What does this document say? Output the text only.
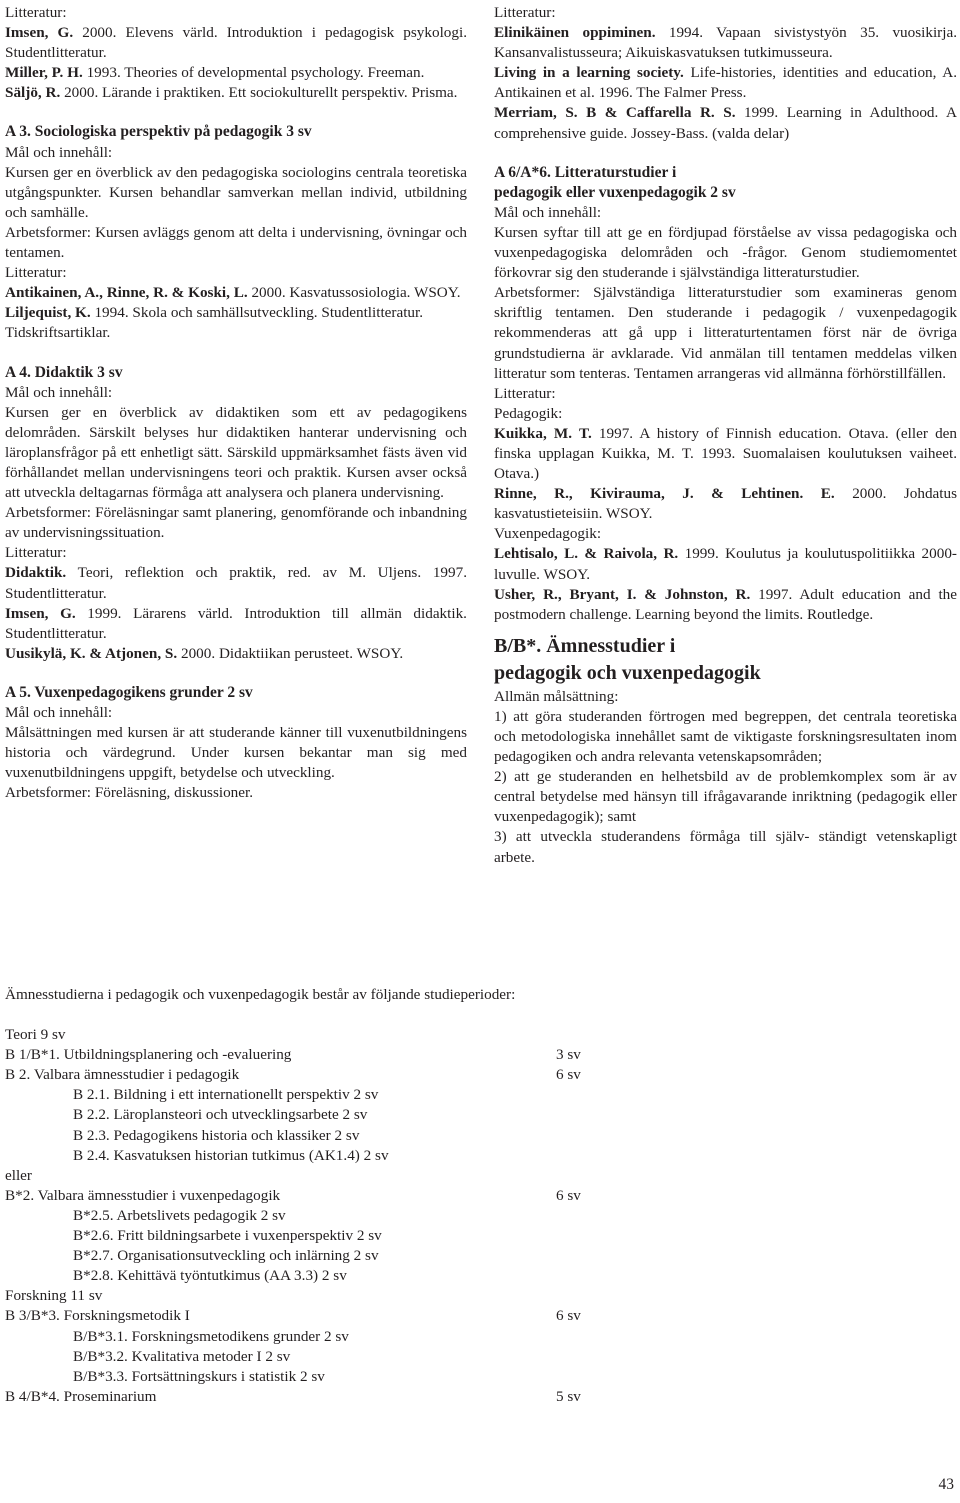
Litteratur:

Imsen, G. 2000. Elevens värld. Introduktion i pedagogisk psykologi. Studentlitteratur.

Miller, P. H. 1993. Theories of developmental psychology. Freeman.

Säljö, R. 2000. Lärande i praktiken. Ett sociokulturellt perspektiv. Prisma.

A 3. Sociologiska perspektiv på pedagogik 3 sv

Mål och innehåll:

Kursen ger en överblick av den pedagogiska sociologins centrala teoretiska utgångspunkter. Kursen behandlar samverkan mellan individ, utbildning och samhälle.

Arbetsformer: Kursen avläggs genom att delta i undervisning, övningar och tentamen.

Litteratur:

Antikainen, A., Rinne, R. & Koski, L. 2000. Kasvatussosiologia. WSOY.

Liljequist, K. 1994. Skola och samhällsutveckling. Studentlitteratur.

Tidskriftsartiklar.

A 4. Didaktik 3 sv

Mål och innehåll:

Kursen ger en överblick av didaktiken som ett av pedagogikens delområden. Särskilt belyses hur didaktiken hanterar undervisning och läroplansfrågor på ett enhetligt sätt. Särskild uppmärksamhet fästs även vid förhållandet mellan undervisningens teori och praktik. Kursen avser också att utveckla deltagarnas förmåga att analysera och planera undervisning.

Arbetsformer: Föreläsningar samt planering, genomförande och inbandning av undervisningssituation.

Litteratur:

Didaktik. Teori, reflektion och praktik, red. av M. Uljens. 1997. Studentlitteratur.

Imsen, G. 1999. Lärarens värld. Introduktion till allmän didaktik. Studentlitteratur.

Uusikylä, K. & Atjonen, S. 2000. Didaktiikan perusteet. WSOY.

A 5. Vuxenpedagogikens grunder 2 sv

Mål och innehåll:

Målsättningen med kursen är att studerande känner till vuxenutbildningens historia och värdegrund. Under kursen bekantar man sig med vuxenutbildningens uppgift, betydelse och utveckling.

Arbetsformer: Föreläsning, diskussioner.

Litteratur:

Elinikäinen oppiminen. 1994. Vapaan sivistystyön 35. vuosikirja. Kansanvalistusseura; Aikuiskasvatuksen tutkimusseura.

Living in a learning society. Life-histories, identities and education, A. Antikainen et al. 1996. The Falmer Press.

Merriam, S. B & Caffarella R. S. 1999. Learning in Adulthood. A comprehensive guide. Jossey-Bass. (valda delar)

A 6/A*6. Litteraturstudier i

pedagogik eller vuxenpedagogik 2 sv

Mål och innehåll:

Kursen syftar till att ge en fördjupad förståelse av vissa pedagogiska och vuxenpedagogiska delområden och -frågor. Genom studiemomentet förkovrar sig den studerande i självständiga litteraturstudier.

Arbetsformer: Självständiga litteraturstudier som examineras genom skriftlig tentamen. Den studerande i pedagogik / vuxenpedagogik rekommenderas att gå upp i litteraturtentamen först när de övriga grundstudierna är avklarade. Vid anmälan till tentamen meddelas vilken litteratur som tenteras. Tentamen arrangeras vid allmänna förhörstillfällen.

Litteratur:

Pedagogik:

Kuikka, M. T. 1997. A history of Finnish education. Otava. (eller den finska upplagan Kuikka, M. T. 1993. Suomalaisen koulutuksen vaiheet. Otava.)

Rinne, R., Kivirauma, J. & Lehtinen. E. 2000. Johdatus kasvatustieteisiin. WSOY.

Vuxenpedagogik:

Lehtisalo, L. & Raivola, R. 1999. Koulutus ja koulutuspolitiikka 2000-luvulle. WSOY.

Usher, R., Bryant, I. & Johnston, R. 1997. Adult education and the postmodern challenge. Learning beyond the limits. Routledge.

B/B*. Ämnesstudier i

pedagogik och vuxenpedagogik

Allmän målsättning:

1) att göra studeranden förtrogen med begreppen, det centrala teoretiska och metodologiska innehållet samt de viktigaste forskningsresultaten inom pedagogiken och andra relevanta vetenskapsområden;

2) att ge studeranden en helhetsbild av de problemkomplex som är av central betydelse med hänsyn till ifrågavarande inriktning (pedagogik eller vuxenpedagogik); samt

3) att utveckla studerandens förmåga till själv- ständigt vetenskapligt arbete.

Ämnesstudierna i pedagogik och vuxenpedagogik består av följande studieperioder:

Teori 9 sv
B 1/B*1. Utbildningsplanering och -evaluering	3 sv
B 2. Valbara ämnesstudier i pedagogik	6 sv
B 2.1. Bildning i ett internationellt perspektiv 2 sv
B 2.2. Läroplansteori och utvecklingsarbete 2 sv
B 2.3. Pedagogikens historia och klassiker 2 sv
B 2.4. Kasvatuksen historian tutkimus (AK1.4) 2 sv
eller
B*2. Valbara ämnesstudier i vuxenpedagogik	6 sv
B*2.5. Arbetslivets pedagogik 2 sv
B*2.6. Fritt bildningsarbete i vuxenperspektiv 2 sv
B*2.7. Organisationsutveckling och inlärning 2 sv
B*2.8. Kehittävä työntutkimus (AA 3.3) 2 sv
Forskning 11 sv
B 3/B*3. Forskningsmetodik I	6 sv
B/B*3.1. Forskningsmetodikens grunder 2 sv
B/B*3.2. Kvalitativa metoder I 2 sv
B/B*3.3. Fortsättningskurs i statistik 2 sv
B 4/B*4. Proseminarium	5 sv
43
